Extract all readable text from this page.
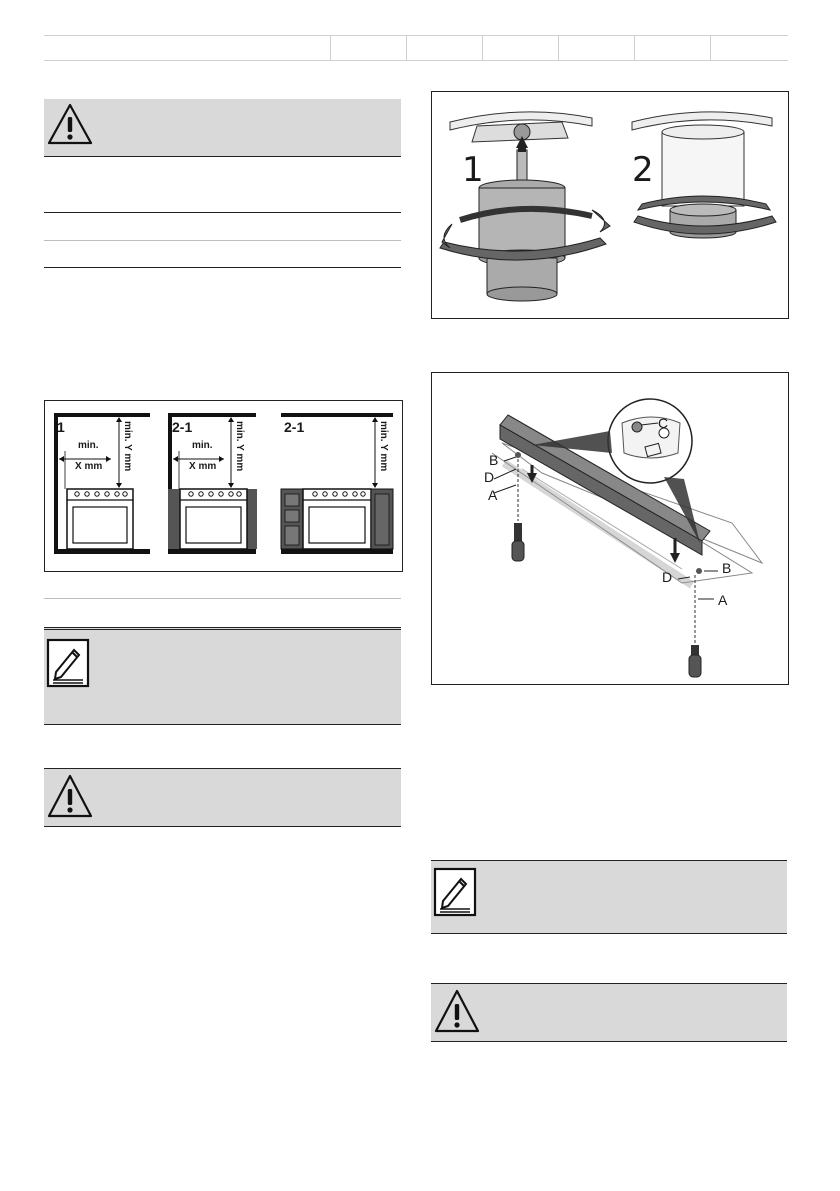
1
min.
X mm min. Y mm	2-1
min.
X mm min. Y mm	2-1	min. Y mm
1	2
B
D
A
C
B
D
A
